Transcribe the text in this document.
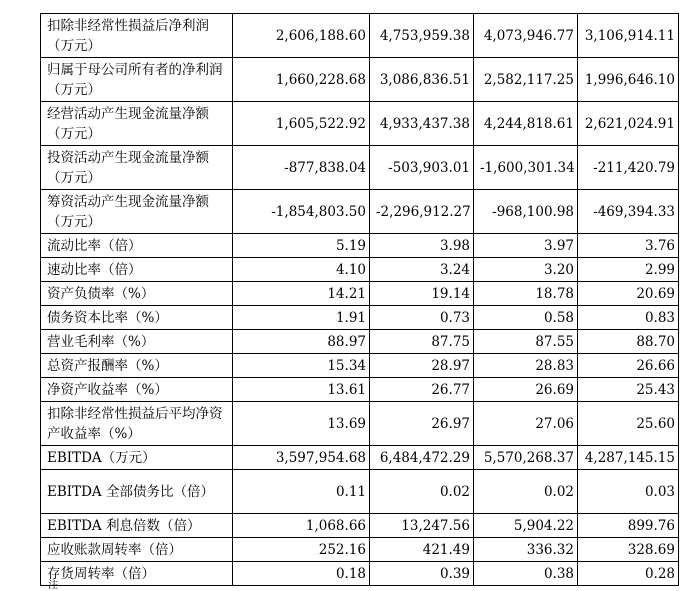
扣除非经常性损益后净利润（万元）	2,606,188.60	4,753,959.38	4,073,946.77	3,106,914.11
归属于母公司所有者的净利润（万元）	1,660,228.68	3,086,836.51	2,582,117.25	1,996,646.10
经营活动产生现金流量净额（万元）	1,605,522.92	4,933,437.38	4,244,818.61	2,621,024.91
投资活动产生现金流量净额（万元）	-877,838.04	-503,903.01	-1,600,301.34	-211,420.79
筹资活动产生现金流量净额（万元）	-1,854,803.50	-2,296,912.27	-968,100.98	-469,394.33
流动比率（倍）	5.19	3.98	3.97	3.76
速动比率（倍）	4.10	3.24	3.20	2.99
资产负债率（%）	14.21	19.14	18.78	20.69
债务资本比率（%）	1.91	0.73	0.58	0.83
营业毛利率（%）	88.97	87.75	87.55	88.70
总资产报酬率（%）	15.34	28.97	28.83	26.66
净资产收益率（%）	13.61	26.77	26.69	25.43
扣除非经常性损益后平均净资产收益率（%）	13.69	26.97	27.06	25.60
EBITDA（万元）	3,597,954.68	6,484,472.29	5,570,268.37	4,287,145.15
EBITDA 全部债务比（倍）	0.11	0.02	0.02	0.03
EBITDA 利息倍数（倍）	1,068.66	13,247.56	5,904.22	899.76
应收账款周转率（倍）	252.16	421.49	336.32	328.69
存货周转率（倍）	0.18	0.39	0.38	0.28
注
